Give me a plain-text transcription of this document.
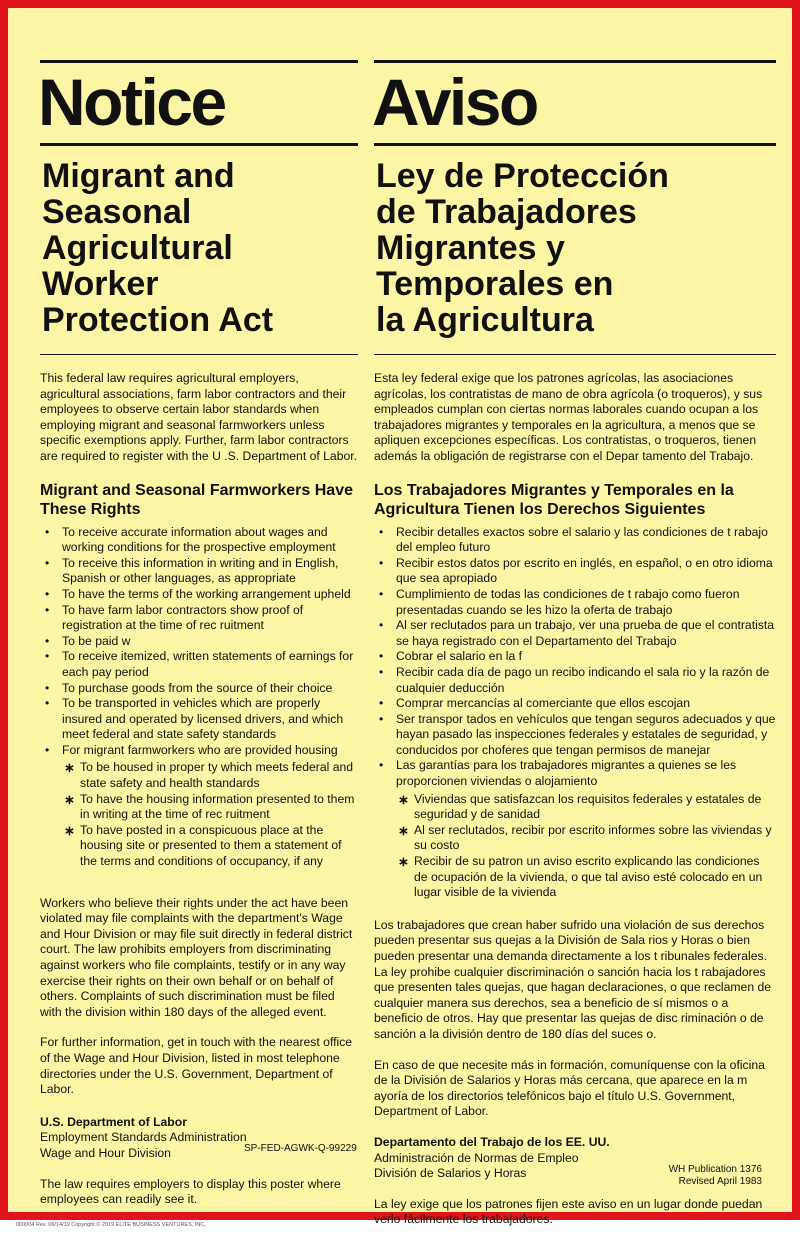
Notice
Migrant and
Seasonal
Agricultural
Worker
Protection Act

This federal law requires agricultural employers, agricultural associations, farm labor contractors and their employees to observe certain labor standards when employing migrant and seasonal farmworkers unless specific exemptions apply. Further, farm labor contractors are required to register with the U .S. Department of Labor.

Migrant and Seasonal Farmworkers Have These Rights
• To receive accurate information about wages and working conditions for the prospective employment
• To receive this information in writing and in English, Spanish or other languages, as appropriate
• To have the terms of the working arrangement upheld
• To have farm labor contractors show proof of registration at the time of rec ruitment
• To be paid w
• To receive itemized, written statements of earnings for each pay period
• To purchase goods from the source of their choice
• To be transported in vehicles which are properly insured and operated by licensed drivers, and which meet federal and state safety standards
• For migrant farmworkers who are provided housing
∗ To be housed in proper ty which meets federal and state safety and health standards
∗ To have the housing information presented to them in writing at the time of rec ruitment
∗ To have posted in a conspicuous place at the housing site or presented to them a statement of the terms and conditions of occupancy, if any

Workers who believe their rights under the act have been violated may file complaints with the department's Wage and Hour Division or may file suit directly in federal district court. The law prohibits employers from discriminating against workers who file complaints, testify or in any way exercise their rights on their own behalf or on behalf of others. Complaints of such discrimination must be filed with the division within 180 days of the alleged event.

For further information, get in touch with the nearest office of the Wage and Hour Division, listed in most telephone directories under the U.S. Government, Department of Labor.

U.S. Department of Labor

Employment Standards Administration

Wage and Hour Division

The law requires employers to display this poster where employees can readily see it.

SP-FED-AGWK-Q-99229
Aviso
Ley de Protección
de Trabajadores
Migrantes y
Temporales en
la Agricultura

Esta ley federal exige que los patrones agrícolas, las asociaciones agrícolas, los contratistas de mano de obra agrícola (o troqueros), y sus empleados cumplan con ciertas normas laborales cuando ocupan a los trabajadores migrantes y temporales en la agricultura, a menos que se apliquen excepciones específicas. Los contratistas, o troqueros, tienen además la obligación de registrarse con el Depar tamento del Trabajo.

Los Trabajadores Migrantes y Temporales en la Agricultura Tienen los Derechos Siguientes
• Recibir detalles exactos sobre el salario y las condiciones de t rabajo del empleo futuro
• Recibir estos datos por escrito en inglés, en español, o en otro idioma que sea apropiado
• Cumplimiento de todas las condiciones de t rabajo como fueron presentadas cuando se les hizo la oferta de trabajo
• Al ser reclutados para un trabajo, ver una prueba de que el contratista se haya registrado con el Departamento del Trabajo
• Cobrar el salario en la f
• Recibir cada día de pago un recibo indicando el sala rio y la razón de cualquier deducción
• Comprar mercancías al comerciante que ellos escojan
• Ser transpor tados en vehículos que tengan seguros adecuados y que hayan pasado las inspecciones federales y estatales de seguridad, y conducidos por choferes que tengan permisos de manejar
• Las garantías para los trabajadores migrantes a quienes se les proporcionen viviendas o alojamiento
∗ Viviendas que satisfazcan los requisitos federales y estatales de seguridad y de sanidad
∗ Al ser reclutados, recibir por escrito informes sobre las viviendas y su costo
∗ Recibir de su patron un aviso escrito explicando las condiciones de ocupación de la vivienda, o que tal aviso esté colocado en un lugar visible de la vivienda

Los trabajadores que crean haber sufrido una violación de sus derechos pueden presentar sus quejas a la División de Sala rios y Horas o bien pueden presentar una demanda directamente a los t ribunales federales. La ley prohibe cualquier discriminación o sanción hacia los t rabajadores que presenten tales quejas, que hagan declaraciones, o que reclamen de cualquier manera sus derechos, sea a beneficio de sí mismos o a beneficio de otros. Hay que presentar las quejas de disc riminación o de sanción a la división dentro de 180 días del suces o.

En caso de que necesite más in formación, comuníquense con la oficina de la División de Salarios y Horas más cercana, que aparece en la m ayoría de los directorios telefónicos bajo el título U.S. Government, Department of Labor.

Departamento del Trabajo de los EE. UU.

Administración de Normas de Empleo

División de Salarios y Horas

La ley exige que los patrones fijen este aviso en un lugar donde puedan verlo fácilmente los trabajadores.

WH Publication 1376
Revised April 1983
000004 Rev. 06/14/19 Copyright © 2019 ELITE BUSINESS VENTURES, INC.
